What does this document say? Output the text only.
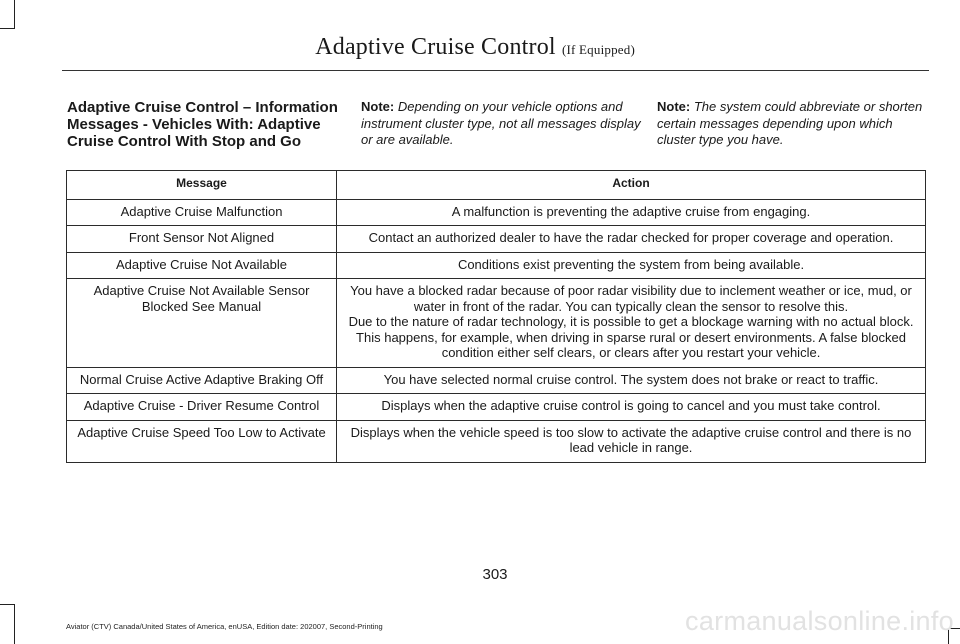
Adaptive Cruise Control (If Equipped)
Adaptive Cruise Control – Information Messages - Vehicles With: Adaptive Cruise Control With Stop and Go
Note: Depending on your vehicle options and instrument cluster type, not all messages display or are available.
Note: The system could abbreviate or shorten certain messages depending upon which cluster type you have.
Message	Action
Adaptive Cruise Malfunction	A malfunction is preventing the adaptive cruise from engaging.

Front Sensor Not Aligned	Contact an authorized dealer to have the radar checked for proper coverage and operation.

Adaptive Cruise Not Available	Conditions exist preventing the system from being available.

Adaptive Cruise Not Available Sensor Blocked See Manual	You have a blocked radar because of poor radar visibility due to inclement weather or ice, mud, or water in front of the radar. You can typically clean the sensor to resolve this.

Due to the nature of radar technology, it is possible to get a blockage warning with no actual block. This happens, for example, when driving in sparse rural or desert environments. A false blocked condition either self clears, or clears after you restart your vehicle.

Normal Cruise Active Adaptive Braking Off	You have selected normal cruise control. The system does not brake or react to traffic.

Adaptive Cruise - Driver Resume Control	Displays when the adaptive cruise control is going to cancel and you must take control.

Adaptive Cruise Speed Too Low to Activate	Displays when the vehicle speed is too slow to activate the adaptive cruise control and there is no lead vehicle in range.

303
Aviator (CTV) Canada/United States of America, enUSA, Edition date: 202007, Second-Printing	carmanualsonline.info
